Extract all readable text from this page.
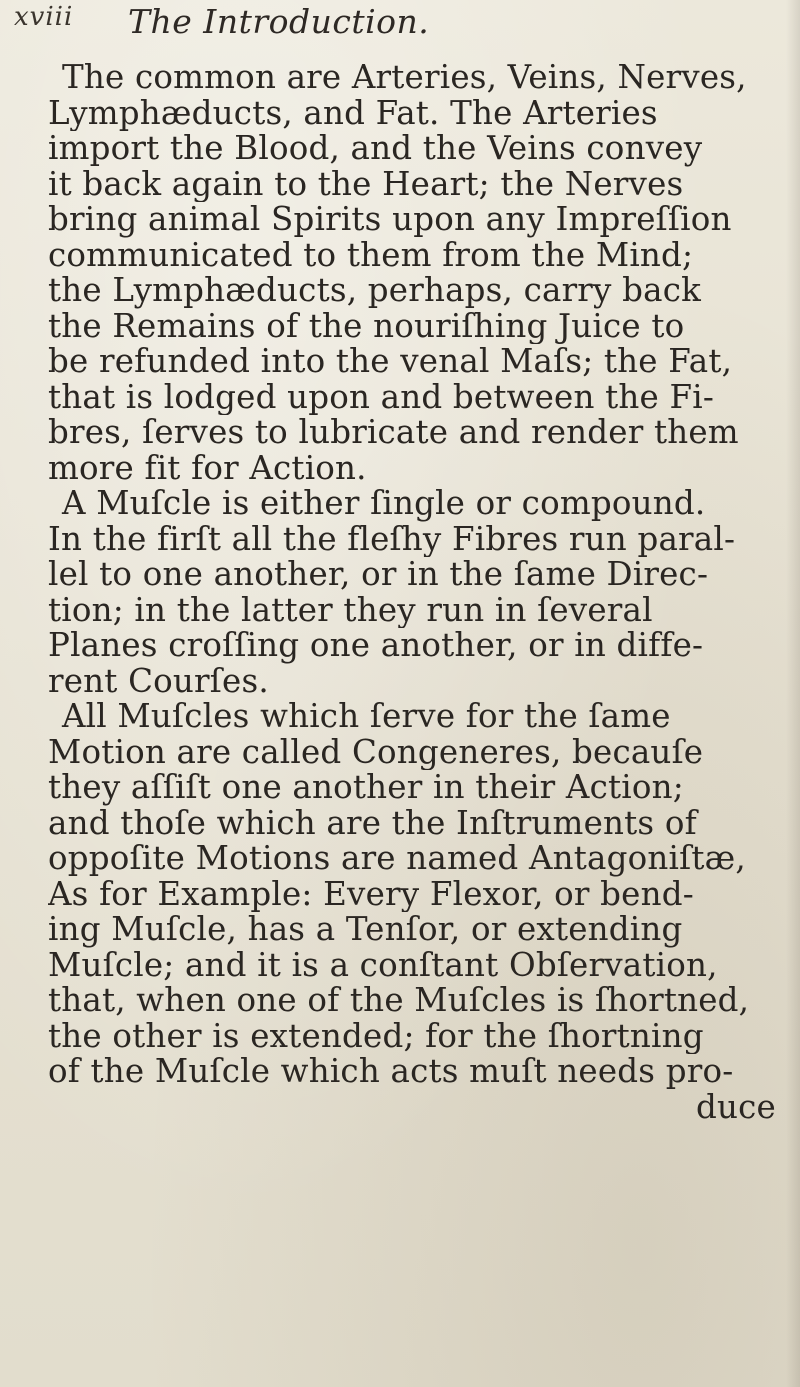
xviii The Introduction.
The common are Arteries, Veins, Nerves,
Lymphæducts, and Fat. The Arteries
import the Blood, and the Veins convey
it back again to the Heart; the Nerves
bring animal Spirits upon any Impreſſion
communicated to them from the Mind;
the Lymphæducts, perhaps, carry back
the Remains of the nouriſhing Juice to
be refunded into the venal Maſs; the Fat,
that is lodged upon and between the Fi-
bres, ſerves to lubricate and render them
more fit for Action.
A Muſcle is either ſingle or compound.
In the firſt all the fleſhy Fibres run paral-
lel to one another, or in the ſame Direc-
tion; in the latter they run in ſeveral
Planes croſſing one another, or in diffe-
rent Courſes.
All Muſcles which ſerve for the ſame
Motion are called Congeneres, becauſe
they aſſiſt one another in their Action;
and thoſe which are the Inſtruments of
oppoſite Motions are named Antagoniſtæ,
As for Example: Every Flexor, or bend-
ing Muſcle, has a Tenſor, or extending
Muſcle; and it is a conſtant Obſervation,
that, when one of the Muſcles is ſhortned,
the other is extended; for the ſhortning
of the Muſcle which acts muſt needs pro-
duce
